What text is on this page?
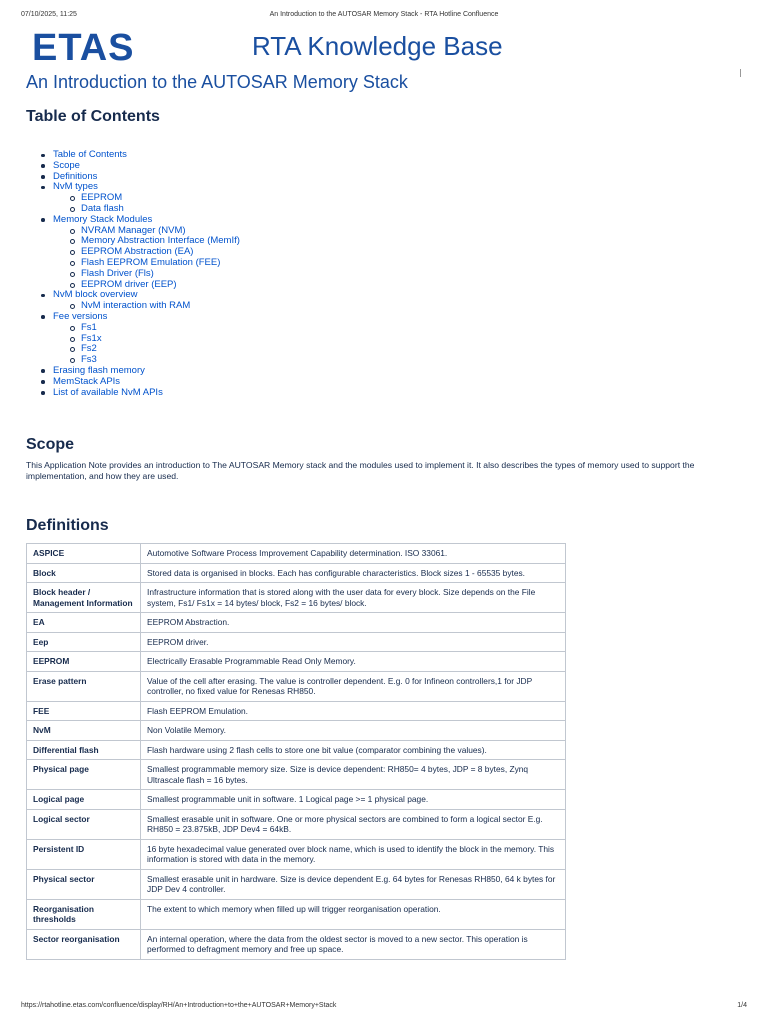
07/10/2025, 11:25	An Introduction to the AUTOSAR Memory Stack - RTA Hotline Confluence
ETAS	RTA Knowledge Base
An Introduction to the AUTOSAR Memory Stack
Table of Contents
Table of Contents
Scope
Definitions
NvM types
EEPROM
Data flash
Memory Stack Modules
NVRAM Manager (NVM)
Memory Abstraction Interface (MemIf)
EEPROM Abstraction (EA)
Flash EEPROM Emulation (FEE)
Flash Driver (Fls)
EEPROM driver (EEP)
NvM block overview
NvM interaction with RAM
Fee versions
Fs1
Fs1x
Fs2
Fs3
Erasing flash memory
MemStack APIs
List of available NvM APIs
Scope

This Application Note provides an introduction to The AUTOSAR Memory stack and the modules used to implement it. It also describes the types of memory used to support the implementation, and how they are used.

Definitions
ASPICE	Automotive Software Process Improvement Capability determination. ISO 33061.
Block	Stored data is organised in blocks. Each has configurable characteristics. Block sizes 1 - 65535 bytes.
Block header / Management Information	Infrastructure information that is stored along with the user data for every block. Size depends on the File system, Fs1/ Fs1x = 14 bytes/ block, Fs2 = 16 bytes/ block.
EA	EEPROM Abstraction.
Eep	EEPROM driver.
EEPROM	Electrically Erasable Programmable Read Only Memory.
Erase pattern	Value of the cell after erasing. The value is controller dependent. E.g. 0 for Infineon controllers,1 for JDP controller, no fixed value for Renesas RH850.
FEE	Flash EEPROM Emulation.
NvM	Non Volatile Memory.
Differential flash	Flash hardware using 2 flash cells to store one bit value (comparator combining the values).
Physical page	Smallest programmable memory size. Size is device dependent: RH850= 4 bytes, JDP = 8 bytes, Zynq Ultrascale flash = 16 bytes.
Logical page	Smallest programmable unit in software. 1 Logical page >= 1 physical page.
Logical sector	Smallest erasable unit in software. One or more physical sectors are combined to form a logical sector E.g. RH850 = 23.875kB, JDP Dev4 = 64kB.
Persistent ID	16 byte hexadecimal value generated over block name, which is used to identify the block in the memory. This information is stored with data in the memory.
Physical sector	Smallest erasable unit in hardware. Size is device dependent E.g. 64 bytes for Renesas RH850, 64 k bytes for JDP Dev 4 controller.
Reorganisation thresholds	The extent to which memory when filled up will trigger reorganisation operation.
Sector reorganisation	An internal operation, where the data from the oldest sector is moved to a new sector. This operation is performed to defragment memory and free up space.
https://rtahotline.etas.com/confluence/display/RH/An+Introduction+to+the+AUTOSAR+Memory+Stack	1/4
